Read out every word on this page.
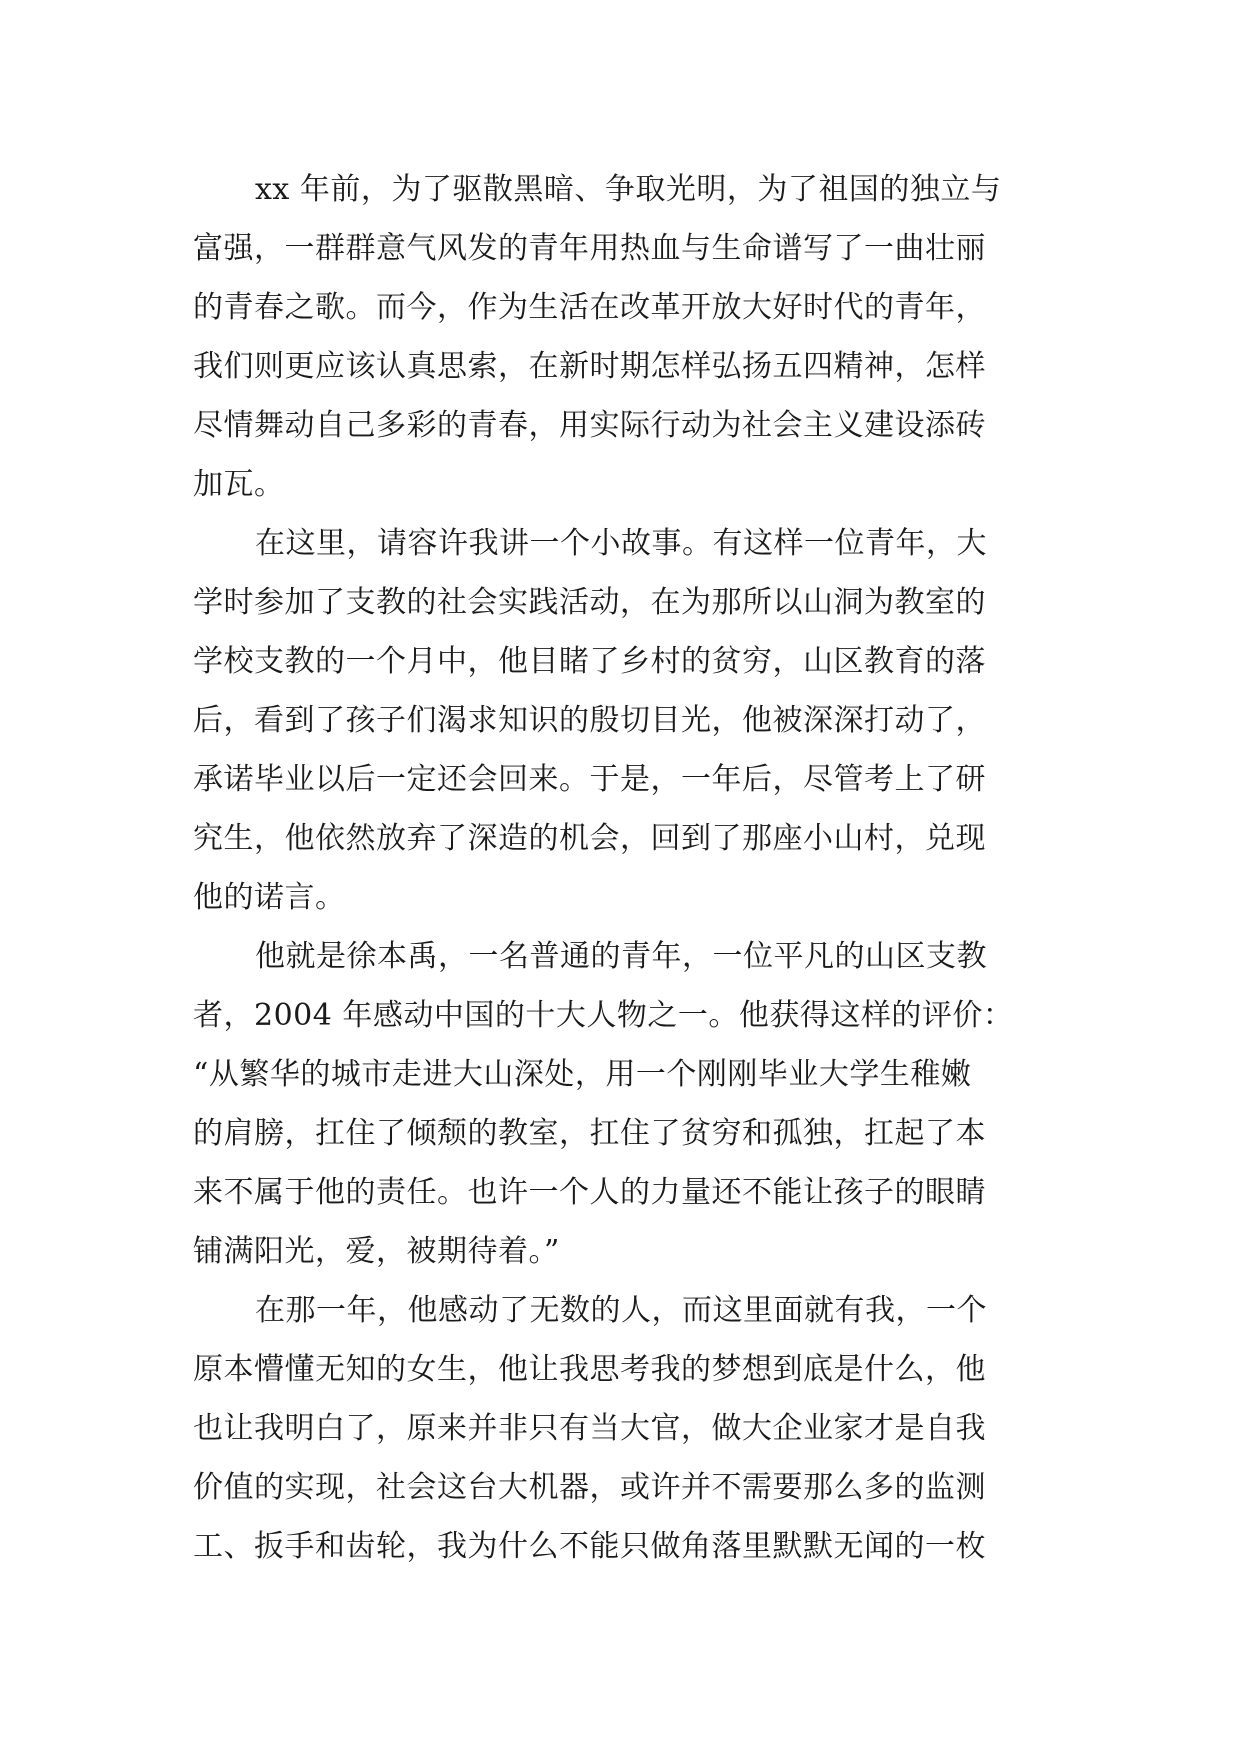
xx 年前，为了驱散黑暗、争取光明，为了祖国的独立与
富强，一群群意气风发的青年用热血与生命谱写了一曲壮丽
的青春之歌。而今，作为生活在改革开放大好时代的青年，
我们则更应该认真思索，在新时期怎样弘扬五四精神，怎样
尽情舞动自己多彩的青春，用实际行动为社会主义建设添砖
加瓦。
在这里，请容许我讲一个小故事。有这样一位青年，大
学时参加了支教的社会实践活动，在为那所以山洞为教室的
学校支教的一个月中，他目睹了乡村的贫穷，山区教育的落
后，看到了孩子们渴求知识的殷切目光，他被深深打动了，
承诺毕业以后一定还会回来。于是，一年后，尽管考上了研
究生，他依然放弃了深造的机会，回到了那座小山村，兑现
他的诺言。
他就是徐本禹，一名普通的青年，一位平凡的山区支教
者，2004 年感动中国的十大人物之一。他获得这样的评价：
“从繁华的城市走进大山深处，用一个刚刚毕业大学生稚嫩
的肩膀，扛住了倾颓的教室，扛住了贫穷和孤独，扛起了本
来不属于他的责任。也许一个人的力量还不能让孩子的眼睛
铺满阳光，爱，被期待着。”
在那一年，他感动了无数的人，而这里面就有我，一个
原本懵懂无知的女生，他让我思考我的梦想到底是什么，他
也让我明白了，原来并非只有当大官，做大企业家才是自我
价值的实现，社会这台大机器，或许并不需要那么多的监测
工、扳手和齿轮，我为什么不能只做角落里默默无闻的一枚
